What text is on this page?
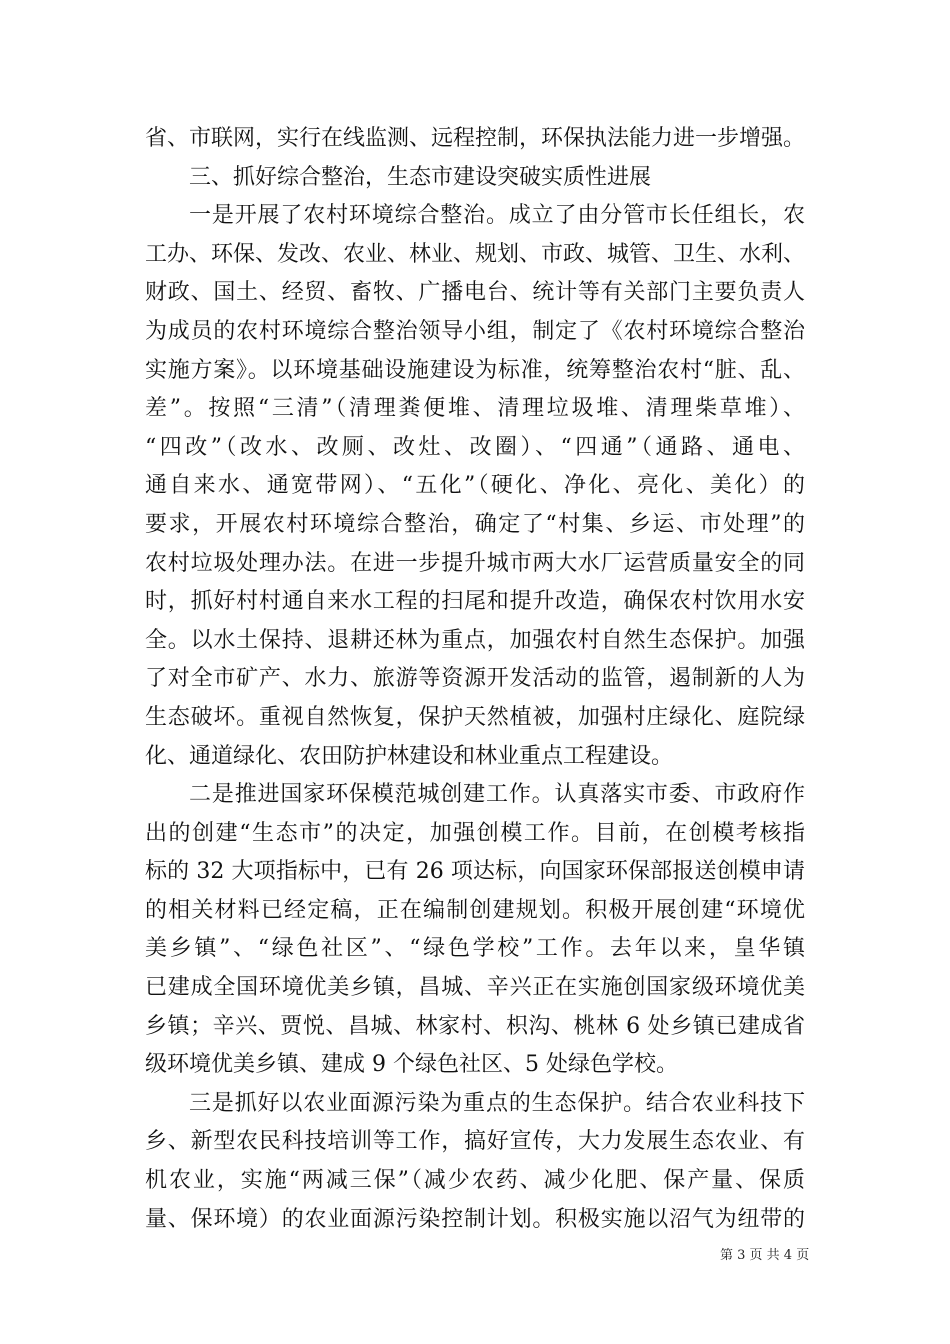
省、市联网，实行在线监测、远程控制，环保执法能力进一步增强。
三、抓好综合整治，生态市建设突破实质性进展
一是开展了农村环境综合整治。成立了由分管市长任组长，农
工办、环保、发改、农业、林业、规划、市政、城管、卫生、水利、
财政、国土、经贸、畜牧、广播电台、统计等有关部门主要负责人
为成员的农村环境综合整治领导小组，制定了《农村环境综合整治
实施方案》。以环境基础设施建设为标准，统筹整治农村“脏、乱、
差”。按照“三清”（清理粪便堆、清理垃圾堆、清理柴草堆）、
“四改”（改水、改厕、改灶、改圈）、“四通”（通路、通电、
通自来水、通宽带网）、“五化”（硬化、净化、亮化、美化）的
要求，开展农村环境综合整治，确定了“村集、乡运、市处理”的
农村垃圾处理办法。在进一步提升城市两大水厂运营质量安全的同
时，抓好村村通自来水工程的扫尾和提升改造，确保农村饮用水安
全。以水土保持、退耕还林为重点，加强农村自然生态保护。加强
了对全市矿产、水力、旅游等资源开发活动的监管，遏制新的人为
生态破坏。重视自然恢复，保护天然植被，加强村庄绿化、庭院绿
化、通道绿化、农田防护林建设和林业重点工程建设。
二是推进国家环保模范城创建工作。认真落实市委、市政府作
出的创建“生态市”的决定，加强创模工作。目前，在创模考核指
标的 32 大项指标中，已有 26 项达标，向国家环保部报送创模申请
的相关材料已经定稿，正在编制创建规划。积极开展创建“环境优
美乡镇”、“绿色社区”、“绿色学校”工作。去年以来，皇华镇
已建成全国环境优美乡镇，昌城、辛兴正在实施创国家级环境优美
乡镇；辛兴、贾悦、昌城、林家村、枳沟、桃林 6 处乡镇已建成省
级环境优美乡镇、建成 9 个绿色社区、5 处绿色学校。
三是抓好以农业面源污染为重点的生态保护。结合农业科技下
乡、新型农民科技培训等工作，搞好宣传，大力发展生态农业、有
机农业，实施“两减三保”（减少农药、减少化肥、保产量、保质
量、保环境）的农业面源污染控制计划。积极实施以沼气为纽带的
第 3 页 共 4 页
